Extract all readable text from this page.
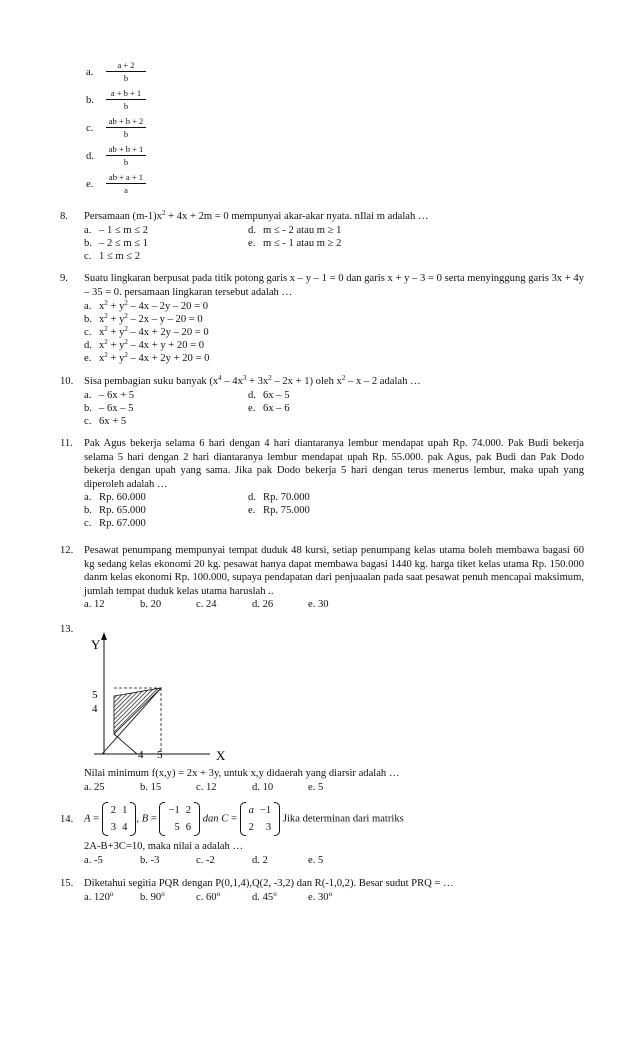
a. $\frac{a + 2}{b}$
b. $\frac{a + b + 1}{b}$
c. $\frac{ab + b + 2}{b}$
d. $\frac{ab + b + 1}{b}$
e. $\frac{ab + a + 1}{a}$
8. Persamaan $(m-1)x^2 + 4x + 2m = 0$ mempunyai akar-akar nyata. nIlai m adalah …
a. – 1 ≤ m ≤ 2
b. – 2 ≤ m ≤ 1
c. 1 ≤ m ≤ 2
d. m ≤ - 2 atau m ≥ 1
e. m ≤ - 1 atau m ≥ 2
9. Suatu lingkaran berpusat pada titik potong garis x – y – 1 = 0 dan garis x + y – 3 = 0 serta menyinggung garis 3x + 4y – 35 = 0. persamaan lingkaran tersebut adalah …
a. $x^2 + y^2 - 4x - 2y - 20 = 0$
b. $x^2 + y^2 - 2x - y - 20 = 0$
c. $x^2 + y^2 - 4x + 2y - 20 = 0$
d. $x^2 + y^2 - 4x + y + 20 = 0$
e. $x^2 + y^2 - 4x + 2y + 20 = 0$
10. Sisa pembagian suku banyak $(x^4 - 4x^3 + 3x^2 - 2x + 1)$ oleh $x^2$ – x – 2 adalah …
a. – 6x + 5
b. – 6x – 5
c. 6x + 5
d. 6x – 5
e. 6x – 6
11. Pak Agus bekerja selama 6 hari dengan 4 hari diantaranya lembur mendapat upah Rp. 74.000. Pak Budi bekerja selama 5 hari dengan 2 hari diantaranya lembur mendapat upah Rp. 55.000. pak Agus, pak Budi dan Pak Dodo bekerja dengan upah yang sama. Jika pak Dodo bekerja 5 hari dengan terus menerus lembur, maka upah yang diperoleh adalah …
a. Rp. 60.000
b. Rp. 65.000
c. Rp. 67.000
d. Rp. 70.000
e. Rp. 75.000
12. Pesawat penumpang mempunyai tempat duduk 48 kursi, setiap penumpang kelas utama boleh membawa bagasi 60 kg sedang kelas ekonomi 20 kg. pesawat hanya dapat membawa bagasi 1440 kg. harga tiket kelas utama Rp. 150.000 danm kelas ekonomi Rp. 100.000, supaya pendapatan dari penjuaalan pada saat pesawat penuh mencapai maksimum, jumlah tempat duduk kelas utama haruslah ..
a. 12	b. 20	c. 24	d. 26	e. 30
13.
Y
X
5
4
4 5
Nilai minimum f(x,y) = 2x + 3y, untuk x,y didaerah yang diarsir adalah …
a. 25	b. 15	c. 12	d. 10	e. 5
14. A =
2	1
3	4
, B =
−1	2
5	6
dan C =
a	−1
2	3
Jika determinan dari matriks
2A-B+3C=10, maka nilai a adalah …
a. -5	b. -3	c. -2	d. 2	e. 5
15. Diketahui segitia PQR dengan P(0,1,4),Q(2, -3,2) dan R(-1,0,2). Besar sudut PRQ = …
a. 120$^o$	b. 90$^o$	c. 60$^o$	d. 45$^o$	e. 30$^o$
